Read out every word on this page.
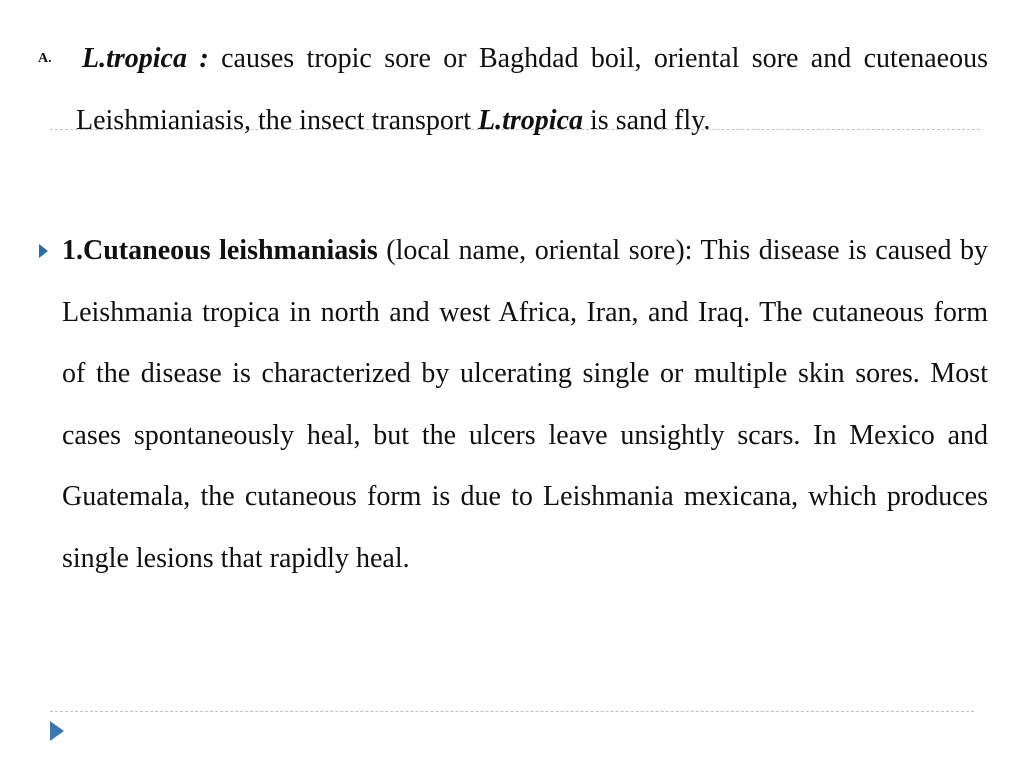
A. L.tropica : causes tropic sore or Baghdad boil, oriental sore and cutenaeous Leishmianiasis, the insect transport L.tropica is sand fly.

1.Cutaneous leishmaniasis (local name, oriental sore): This disease is caused by Leishmania tropica in north and west Africa, Iran, and Iraq. The cutaneous form of the disease is characterized by ulcerating single or multiple skin sores. Most cases spontaneously heal, but the ulcers leave unsightly scars. In Mexico and Guatemala, the cutaneous form is due to Leishmania mexicana, which produces single lesions that rapidly heal.
